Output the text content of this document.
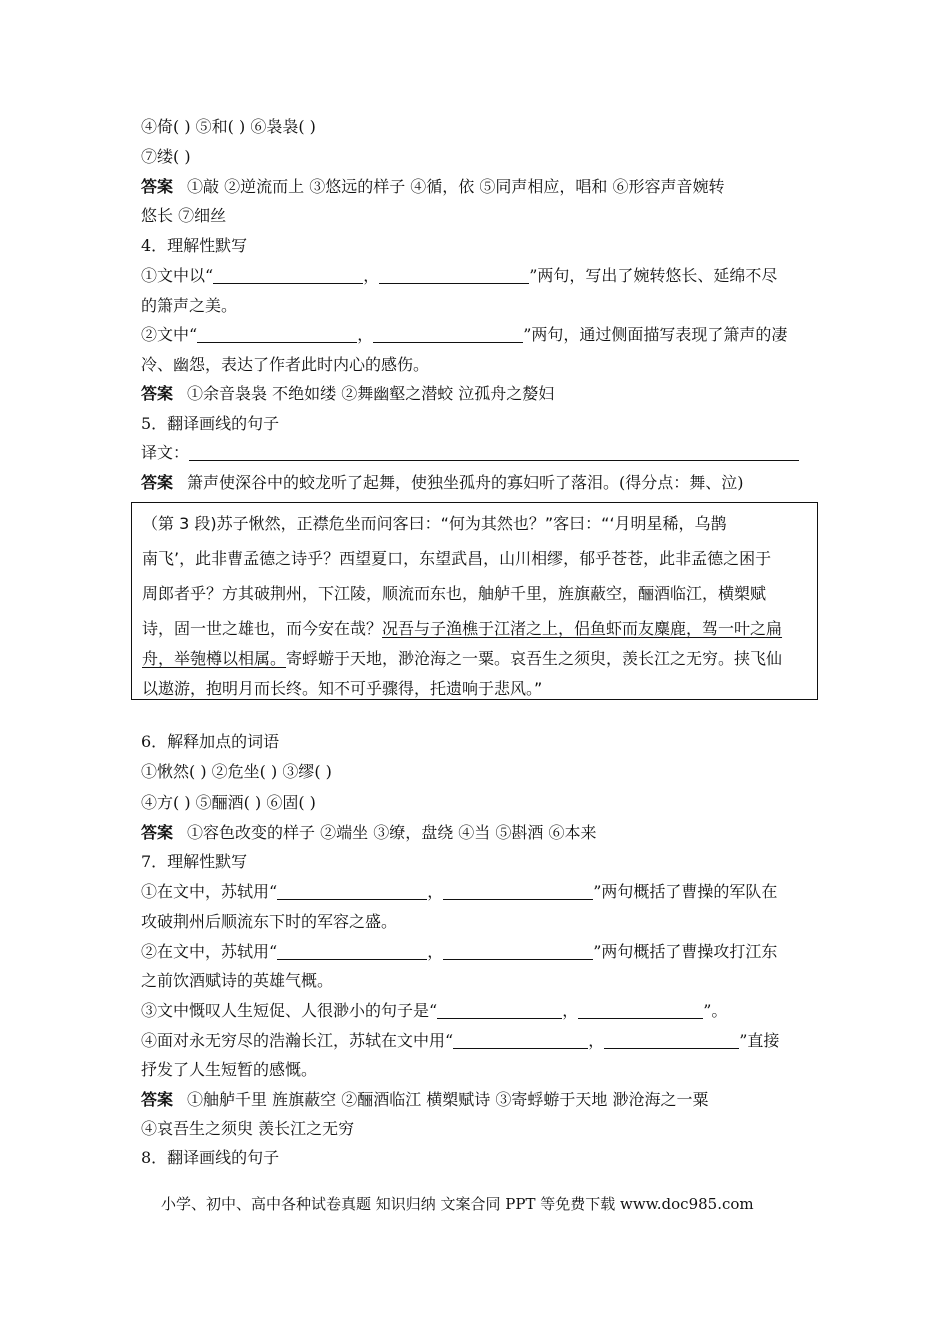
④倚( ) ⑤和( ) ⑥袅袅( )
⑦缕( )
答案 ①敲 ②逆流而上 ③悠远的样子 ④循，依 ⑤同声相应，唱和 ⑥形容声音婉转
悠长 ⑦细丝
4．理解性默写
①文中以“	，	”两句，写出了婉转悠长、延绵不尽
的箫声之美。
②文中“	，	”两句，通过侧面描写表现了箫声的凄
冷、幽怨，表达了作者此时内心的感伤。
答案 ①余音袅袅 不绝如缕 ②舞幽壑之潜蛟 泣孤舟之嫠妇
5．翻译画线的句子
译文：
答案 箫声使深谷中的蛟龙听了起舞，使独坐孤舟的寡妇听了落泪。(得分点：舞、泣)
（第 3 段)苏子愀然，正襟危坐而问客曰：“何为其然也？”客曰：“‘月明星稀，乌鹊
南飞’，此非曹孟德之诗乎？西望夏口，东望武昌，山川相缪，郁乎苍苍，此非孟德之困于
周郎者乎？方其破荆州，下江陵，顺流而东也，舳舻千里，旌旗蔽空，酾酒临江，横槊赋
诗，固一世之雄也，而今安在哉？况吾与子渔樵于江渚之上，侣鱼虾而友麋鹿，驾一叶之扁
舟，举匏樽以相属。寄蜉蝣于天地，渺沧海之一粟。哀吾生之须臾，羡长江之无穷。挟飞仙
以遨游，抱明月而长终。知不可乎骤得，托遗响于悲风。”
6．解释加点的词语
①愀然( ) ②危坐( ) ③缪( )
④方( ) ⑤酾酒( ) ⑥固( )
答案 ①容色改变的样子 ②端坐 ③缭，盘绕 ④当 ⑤斟酒 ⑥本来
7．理解性默写
①在文中，苏轼用“	，	”两句概括了曹操的军队在
攻破荆州后顺流东下时的军容之盛。
②在文中，苏轼用“	，	”两句概括了曹操攻打江东
之前饮酒赋诗的英雄气概。
③文中慨叹人生短促、人很渺小的句子是“	，	”。
④面对永无穷尽的浩瀚长江，苏轼在文中用“	，	”直接
抒发了人生短暂的感慨。
答案 ①舳舻千里 旌旗蔽空 ②酾酒临江 横槊赋诗 ③寄蜉蝣于天地 渺沧海之一粟
④哀吾生之须臾 羡长江之无穷
8．翻译画线的句子
小学、初中、高中各种试卷真题 知识归纳 文案合同 PPT 等免费下载 www.doc985.com
